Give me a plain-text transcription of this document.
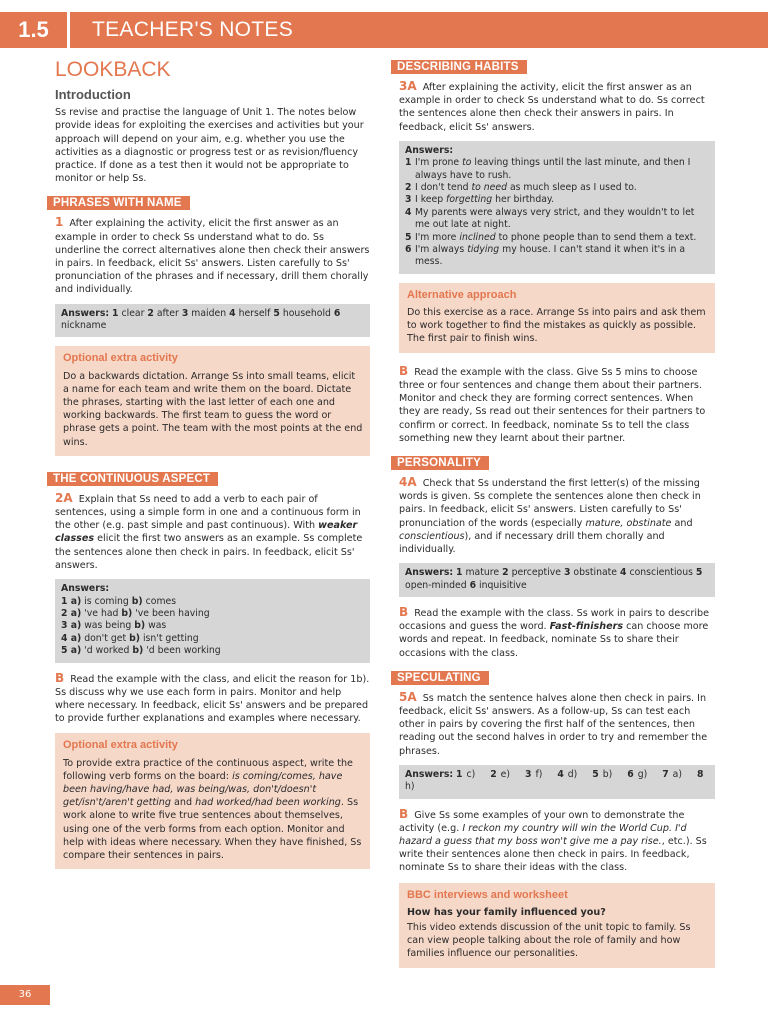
1.5	TEACHER'S NOTES
LOOKBACK
Introduction

Ss revise and practise the language of Unit 1. The notes below provide ideas for exploiting the exercises and activities but your approach will depend on your aim, e.g. whether you use the activities as a diagnostic or progress test or as revision/fluency practice. If done as a test then it would not be appropriate to monitor or help Ss.

PHRASES WITH NAME

1 After explaining the activity, elicit the first answer as an example in order to check Ss understand what to do. Ss underline the correct alternatives alone then check their answers in pairs. In feedback, elicit Ss' answers. Listen carefully to Ss' pronunciation of the phrases and if necessary, drill them chorally and individually.

Answers: 1 clear 2 after 3 maiden 4 herself 5 household 6 nickname
Optional extra activity

Do a backwards dictation. Arrange Ss into small teams, elicit a name for each team and write them on the board. Dictate the phrases, starting with the last letter of each one and working backwards. The first team to guess the word or phrase gets a point. The team with the most points at the end wins.

THE CONTINUOUS ASPECT

2A Explain that Ss need to add a verb to each pair of sentences, using a simple form in one and a continuous form in the other (e.g. past simple and past continuous). With weaker classes elicit the first two answers as an example. Ss complete the sentences alone then check in pairs. In feedback, elicit Ss' answers.

Answers:
1 a) is coming b) comes
2 a) 've had b) 've been having
3 a) was being b) was
4 a) don't get b) isn't getting
5 a) 'd worked b) 'd been working

B Read the example with the class, and elicit the reason for 1b). Ss discuss why we use each form in pairs. Monitor and help where necessary. In feedback, elicit Ss' answers and be prepared to provide further explanations and examples where necessary.

Optional extra activity

To provide extra practice of the continuous aspect, write the following verb forms on the board: is coming/comes, have been having/have had, was being/was, don't/doesn't get/isn't/aren't getting and had worked/had been working. Ss work alone to write five true sentences about themselves, using one of the verb forms from each option. Monitor and help with ideas where necessary. When they have finished, Ss compare their sentences in pairs.

DESCRIBING HABITS

3A After explaining the activity, elicit the first answer as an example in order to check Ss understand what to do. Ss correct the sentences alone then check their answers in pairs. In feedback, elicit Ss' answers.

Answers:
1 I'm prone to leaving things until the last minute, and then I always have to rush.
2 I don't tend to need as much sleep as I used to.
3 I keep forgetting her birthday.
4 My parents were always very strict, and they wouldn't to let me out late at night.
5 I'm more inclined to phone people than to send them a text.
6 I'm always tidying my house. I can't stand it when it's in a mess.
Alternative approach

Do this exercise as a race. Arrange Ss into pairs and ask them to work together to find the mistakes as quickly as possible. The first pair to finish wins.

B Read the example with the class. Give Ss 5 mins to choose three or four sentences and change them about their partners. Monitor and check they are forming correct sentences. When they are ready, Ss read out their sentences for their partners to confirm or correct. In feedback, nominate Ss to tell the class something new they learnt about their partner.

PERSONALITY

4A Check that Ss understand the first letter(s) of the missing words is given. Ss complete the sentences alone then check in pairs. In feedback, elicit Ss' answers. Listen carefully to Ss' pronunciation of the words (especially mature, obstinate and conscientious), and if necessary drill them chorally and individually.

Answers: 1 mature 2 perceptive 3 obstinate 4 conscientious 5 open-minded 6 inquisitive

B Read the example with the class. Ss work in pairs to describe occasions and guess the word. Fast-finishers can choose more words and repeat. In feedback, nominate Ss to share their occasions with the class.

SPECULATING

5A Ss match the sentence halves alone then check in pairs. In feedback, elicit Ss' answers. As a follow-up, Ss can test each other in pairs by covering the first half of the sentences, then reading out the second halves in order to try and remember the phrases.

Answers: 1 c) 2 e) 3 f) 4 d) 5 b) 6 g) 7 a) 8 h)

B Give Ss some examples of your own to demonstrate the activity (e.g. I reckon my country will win the World Cup. I'd hazard a guess that my boss won't give me a pay rise., etc.). Ss write their sentences alone then check in pairs. In feedback, nominate Ss to share their ideas with the class.

BBC interviews and worksheet
How has your family influenced you?

This video extends discussion of the unit topic to family. Ss can view people talking about the role of family and how families influence our personalities.

36
